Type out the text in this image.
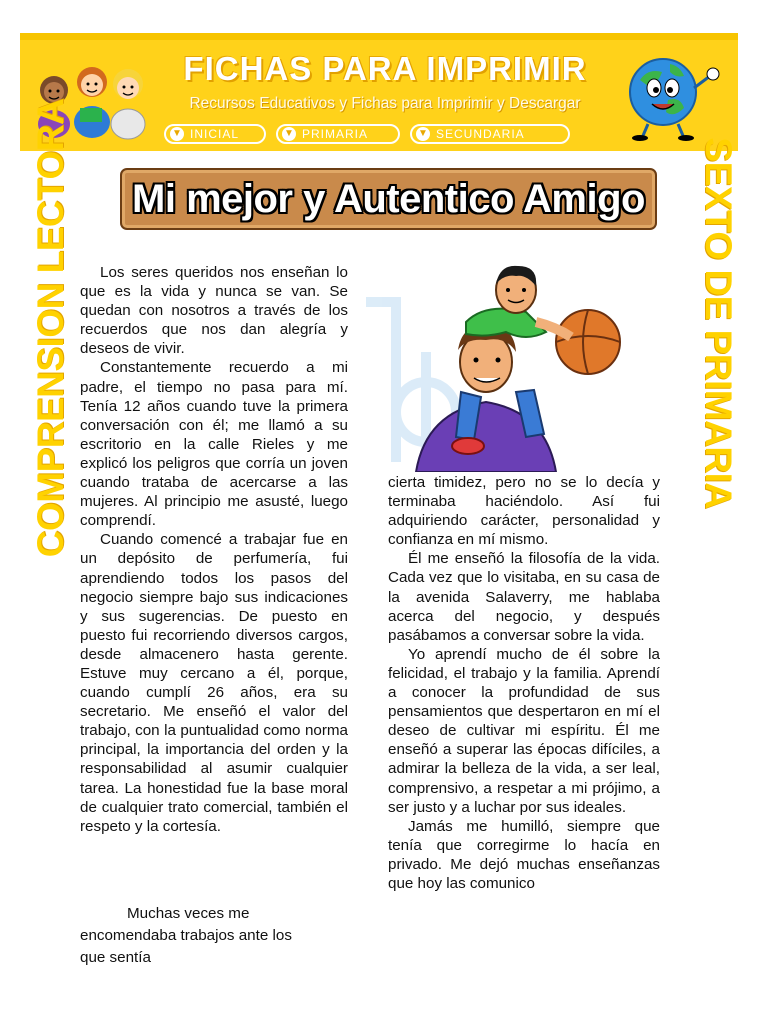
FICHAS PARA IMPRIMIR
Recursos Educativos y Fichas para Imprimir y Descargar
▼ INICIAL	▼ PRIMARIA	▼ SECUNDARIA
Mi mejor y Autentico Amigo
COMPRENSION LECTORA	SEXTO DE PRIMARIA

Los seres queridos nos enseñan lo que es la vida y nunca se van. Se quedan con nosotros a través de los recuerdos que nos dan alegría y deseos de vivir.

Constantemente recuerdo a mi padre, el tiempo no pasa para mí. Tenía 12 años cuando tuve la primera conversación con él; me llamó a su escritorio en la calle Rieles y me explicó los peligros que corría un joven cuando trataba de acercarse a las mujeres. Al principio me asusté, luego comprendí.

Cuando comencé a trabajar fue en un depósito de perfumería, fui aprendiendo todos los pasos del negocio siempre bajo sus indicaciones y sus sugerencias. De puesto en puesto fui recorriendo diversos cargos, desde almacenero hasta gerente. Estuve muy cercano a él, porque, cuando cumplí 26 años, era su secretario. Me enseñó el valor del trabajo, con la puntualidad como norma principal, la importancia del orden y la responsabilidad al asumir cualquier tarea. La honestidad fue la base moral de cualquier trato comercial, también el respeto y la cortesía.

Muchas veces me
encomendaba trabajos ante los
que sentía

cierta timidez, pero no se lo decía y terminaba haciéndolo. Así fui adquiriendo carácter, personalidad y confianza en mí mismo.

Él me enseñó la filosofía de la vida. Cada vez que lo visitaba, en su casa de la avenida Salaverry, me hablaba acerca del negocio, y después pasábamos a conversar sobre la vida.

Yo aprendí mucho de él sobre la felicidad, el trabajo y la familia. Aprendí a conocer la profundidad de sus pensamientos que despertaron en mí el deseo de cultivar mi espíritu. Él me enseñó a superar las épocas difíciles, a admirar la belleza de la vida, a ser leal, comprensivo, a respetar a mi prójimo, a ser justo y a luchar por sus ideales.

Jamás me humilló, siempre que tenía que corregirme lo hacía en privado. Me dejó muchas enseñanzas que hoy las comunico
